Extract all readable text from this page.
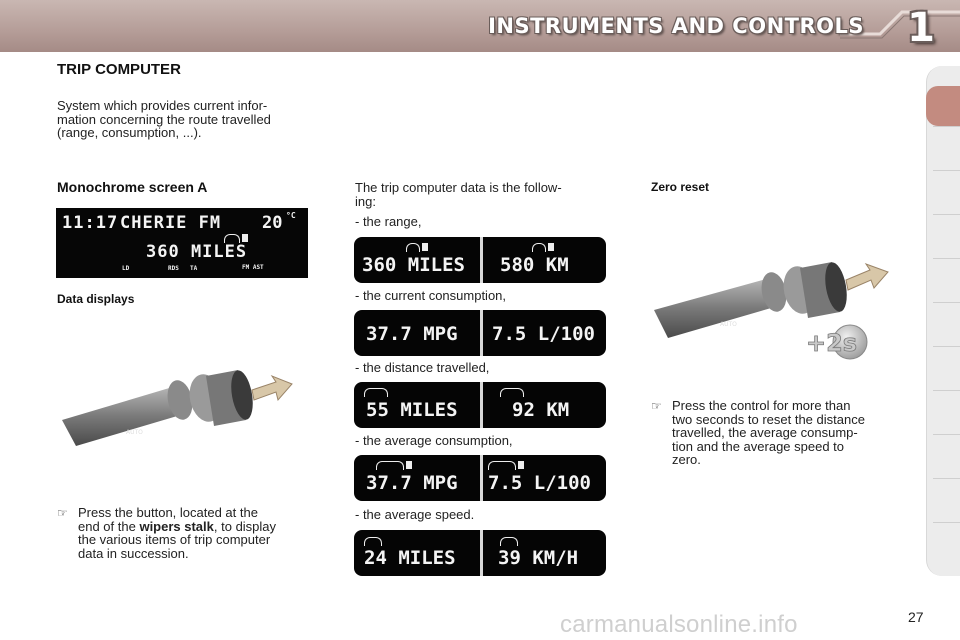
INSTRUMENTS AND CONTROLS 1
TRIP COMPUTER
System which provides current infor-
mation concerning the route travelled
(range, consumption, ...).
Monochrome screen A
11:17 CHERIE FM 20 °C
360 MILES
LD	RDS TA	FM AST
Data displays
AUTO
☞ Press the button, located at the
end of the wipers stalk, to display
the various items of trip computer
data in succession.
The trip computer data is the follow-
ing:
- the range,
360 MILES 580 KM
- the current consumption,
37.7 MPG 7.5 L/100
- the distance travelled,
55 MILES	92 KM
- the average consumption,
37.7 MPG 7.5 L/100
- the average speed.
24 MILES 39 KM/H
Zero reset
AUTO
+2s
☞ Press the control for more than
two seconds to reset the distance
travelled, the average consump-
tion and the average speed to
zero.
carmanualsonline.info	27
